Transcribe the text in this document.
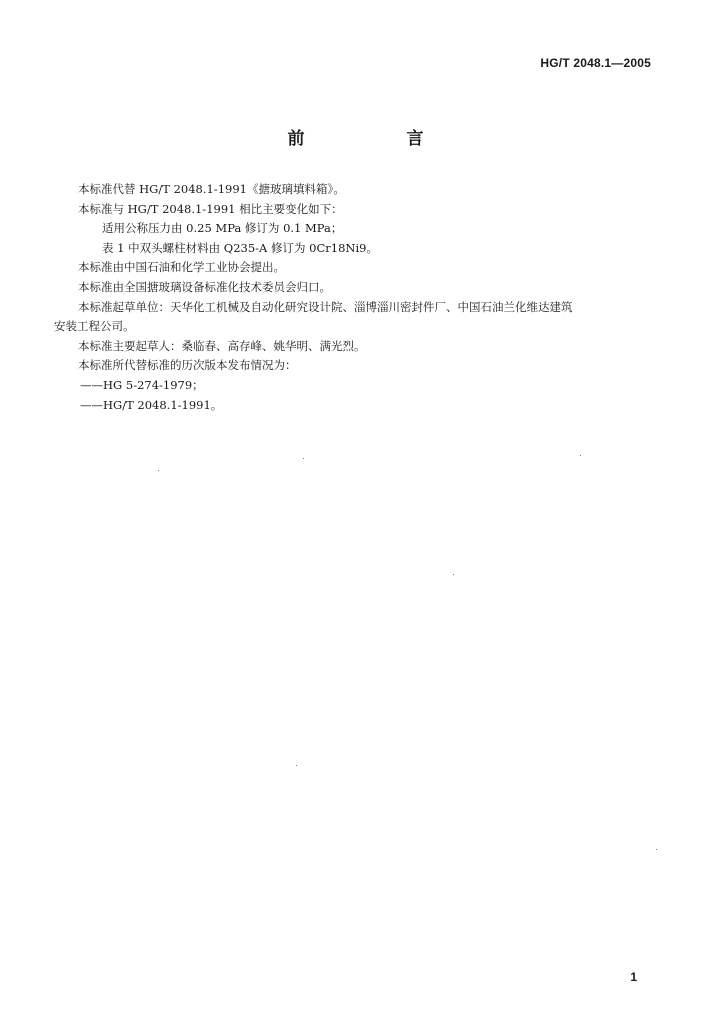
HG/T 2048.1—2005
前 言

本标准代替 HG/T 2048.1-1991《搪玻璃填料箱》。

本标准与 HG/T 2048.1-1991 相比主要变化如下：

适用公称压力由 0.25 MPa 修订为 0.1 MPa；

表 1 中双头螺柱材料由 Q235-A 修订为 0Cr18Ni9。

本标准由中国石油和化学工业协会提出。

本标准由全国搪玻璃设备标准化技术委员会归口。

本标准起草单位：天华化工机械及自动化研究设计院、淄博淄川密封件厂、中国石油兰化维达建筑

安装工程公司。

本标准主要起草人：桑临春、高存峰、姚华明、满光烈。

本标准所代替标准的历次版本发布情况为：

——HG 5-274-1979；

——HG/T 2048.1-1991。

1
